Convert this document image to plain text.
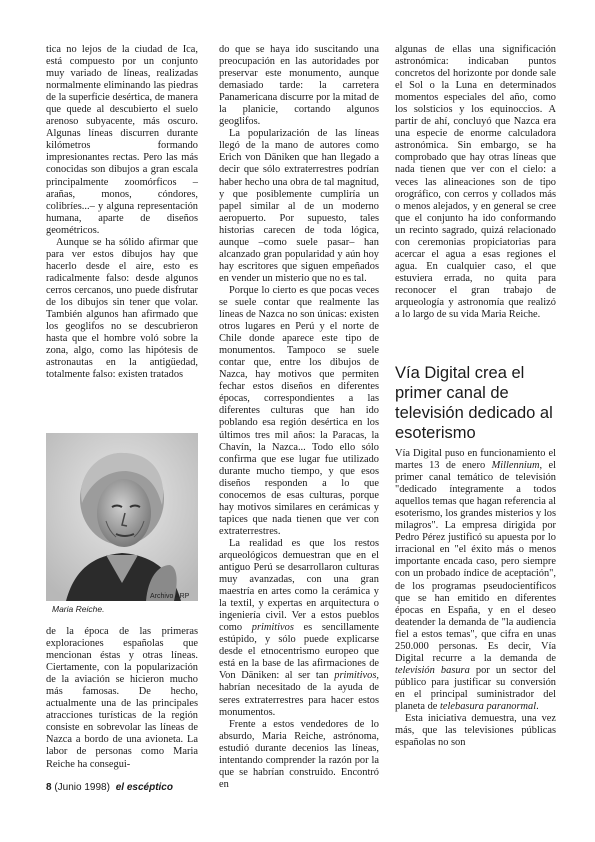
tica no lejos de la ciudad de Ica, está compuesto por un conjunto muy variado de líneas, realizadas normalmente eliminando las piedras de la superficie desértica, de manera que quede al descubierto el suelo arenoso subyacente, más oscuro. Algunas líneas discurren durante kilómetros formando impresionantes rectas. Pero las más conocidas son dibujos a gran escala principalmente zoomórficos – arañas, monos, cóndores, colibríes...– y alguna representación humana, aparte de diseños geométricos.

Aunque se ha sólido afirmar que para ver estos dibujos hay que hacerlo desde el aire, esto es radicalmente falso: desde algunos cerros cercanos, uno puede disfrutar de los dibujos sin tener que volar. También algunos han afirmado que los geoglifos no se descubrieron hasta que el hombre voló sobre la zona, algo, como las hipótesis de astronautas en la antigüedad, totalmente falso: existen tratados

Archivo ARP
Maria Reiche.

de la época de las primeras exploraciones españolas que mencionan éstas y otras líneas. Ciertamente, con la popularización de la aviación se hicieron mucho más famosas. De hecho, actualmente una de las principales atracciones turísticas de la región consiste en sobrevolar las líneas de Nazca a bordo de una avioneta. La labor de personas como Maria Reiche ha consegui-

do que se haya ido suscitando una preocupación en las autoridades por preservar este monumento, aunque demasiado tarde: la carretera Panamericana discurre por la mitad de la planicie, cortando algunos geoglifos.

La popularización de las líneas llegó de la mano de autores como Erich von Däniken que han llegado a decir que sólo extraterrestres podrían haber hecho una obra de tal magnitud, y que posiblemente cumpliría un papel similar al de un moderno aeropuerto. Por supuesto, tales historias carecen de toda lógica, aunque –como suele pasar– han alcanzado gran popularidad y aún hoy hay escritores que siguen empeñados en vender un misterio que no es tal.

Porque lo cierto es que pocas veces se suele contar que realmente las líneas de Nazca no son únicas: existen otros lugares en Perú y el norte de Chile donde aparece este tipo de monumentos. Tampoco se suele contar que, entre los dibujos de Nazca, hay motivos que permiten fechar estos diseños en diferentes épocas, correspondientes a las diferentes culturas que han ido poblando esa región desértica en los últimos tres mil años: la Paracas, la Chavín, la Nazca... Todo ello sólo confirma que ese lugar fue utilizado durante mucho tiempo, y que esos diseños responden a lo que conocemos de esas culturas, porque hay motivos similares en cerámicas y tapices que nada tienen que ver con extraterrestres.

La realidad es que los restos arqueológicos demuestran que en el antiguo Perú se desarrollaron culturas muy avanzadas, con una gran maestría en artes como la cerámica y la textil, y expertas en arquitectura o ingeniería civil. Ver a estos pueblos como primitivos es sencillamente estúpido, y sólo puede explicarse desde el etnocentrismo europeo que está en la base de las afirmaciones de Von Däniken: al ser tan primitivos, habrían necesitado de la ayuda de seres extraterrestres para hacer estos monumentos.

Frente a estos vendedores de lo absurdo, Maria Reiche, astrónoma, estudió durante decenios las líneas, intentando comprender la razón por la que se habrían construido. Encontró en

algunas de ellas una significación astronómica: indicaban puntos concretos del horizonte por donde sale el Sol o la Luna en determinados momentos especiales del año, como los solsticios y los equinoccios. A partir de ahí, concluyó que Nazca era una especie de enorme calculadora astronómica. Sin embargo, se ha comprobado que hay otras líneas que nada tienen que ver con el cielo: a veces las alineaciones son de tipo orográfico, con cerros y collados más o menos alejados, y en general se cree que el conjunto ha ido conformando un recinto sagrado, quizá relacionado con ceremonias propiciatorias para acercar el agua a esas regiones el agua. En cualquier caso, el que estuviera errada, no quita para reconocer el gran trabajo de arqueología y astronomía que realizó a lo largo de su vida Maria Reiche.

Vía Digital crea el primer canal de televisión dedicado al esoterismo

Vía Digital puso en funcionamiento el martes 13 de enero Millennium, el primer canal temático de televisión "dedicado íntegramente a todos aquellos temas que hagan referencia al esoterismo, los grandes misterios y los milagros". La empresa dirigida por Pedro Pérez justificó su apuesta por lo irracional en "el éxito más o menos importante encada caso, pero siempre con un probado índice de aceptación", de los programas pseudocientíficos que se han emitido en diferentes épocas en España, y en el deseo deatender la demanda de "la audiencia fiel a estos temas", que cifra en unas 250.000 personas. Es decir, Vía Digital recurre a la demanda de televisión basura por un sector del público para justificar su conversión en el principal suministrador del planeta de telebasura paranormal.

Esta iniciativa demuestra, una vez más, que las televisiones públicas españolas no son

8 (Junio 1998) el escéptico
